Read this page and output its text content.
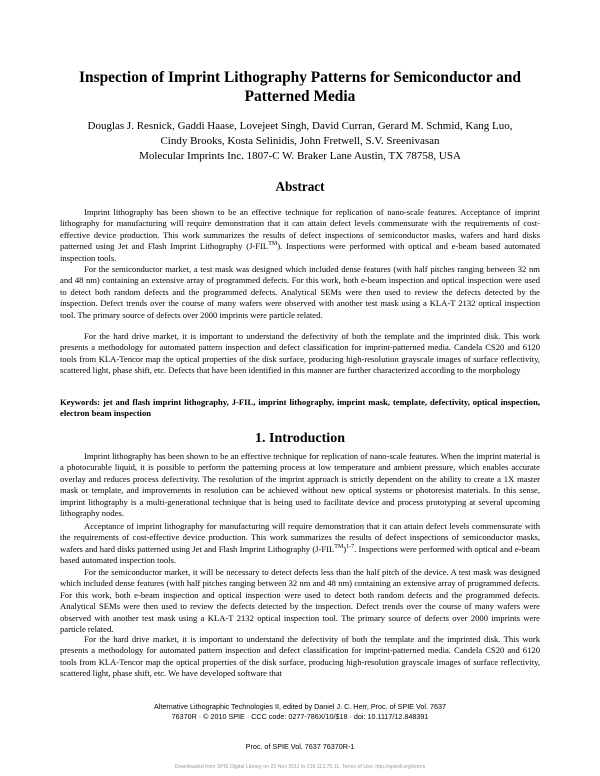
Inspection of Imprint Lithography Patterns for Semiconductor and
Patterned Media
Douglas J. Resnick, Gaddi Haase, Lovejeet Singh, David Curran, Gerard M. Schmid, Kang Luo,
Cindy Brooks, Kosta Selinidis, John Fretwell, S.V. Sreenivasan
Molecular Imprints Inc. 1807-C W. Braker Lane Austin, TX 78758, USA
Abstract

Imprint lithography has been shown to be an effective technique for replication of nano-scale features. Acceptance of imprint lithography for manufacturing will require demonstration that it can attain defect levels commensurate with the requirements of cost-effective device production. This work summarizes the results of defect inspections of semiconductor masks, wafers and hard disks patterned using Jet and Flash Imprint Lithography (J-FIL™). Inspections were performed with optical and e-beam based automated inspection tools.

For the semiconductor market, a test mask was designed which included dense features (with half pitches ranging between 32 nm and 48 nm) containing an extensive array of programmed defects. For this work, both e-beam inspection and optical inspection were used to detect both random defects and the programmed defects. Analytical SEMs were then used to review the defects detected by the inspection. Defect trends over the course of many wafers were observed with another test mask using a KLA-T 2132 optical inspection tool. The primary source of defects over 2000 imprints were particle related.

For the hard drive market, it is important to understand the defectivity of both the template and the imprinted disk. This work presents a methodology for automated pattern inspection and defect classification for imprint-patterned media. Candela CS20 and 6120 tools from KLA-Tencor map the optical properties of the disk surface, producing high-resolution grayscale images of surface reflectivity, scattered light, phase shift, etc. Defects that have been identified in this manner are further characterized according to the morphology

Keywords: jet and flash imprint lithography, J-FIL, imprint lithography, imprint mask, template, defectivity, optical inspection, electron beam inspection
1. Introduction

Imprint lithography has been shown to be an effective technique for replication of nano-scale features. When the imprint material is a photocurable liquid, it is possible to perform the patterning process at low temperature and ambient pressure, which enables accurate overlay and reduces process defectivity. The resolution of the imprint approach is strictly dependent on the ability to create a 1X master mask or template, and improvements in resolution can be achieved without new optical systems or photoresist materials. In this sense, imprint lithography is a multi-generational technique that is being used to facilitate device and process prototyping at several upcoming lithography nodes.

Acceptance of imprint lithography for manufacturing will require demonstration that it can attain defect levels commensurate with the requirements of cost-effective device production. This work summarizes the results of defect inspections of semiconductor masks, wafers and hard disks patterned using Jet and Flash Imprint Lithography $(J-FIL™)^{1-7}$. Inspections were performed with optical and e-beam based automated inspection tools.

For the semiconductor market, it will be necessary to detect defects less than the half pitch of the device. A test mask was designed which included dense features (with half pitches ranging between 32 nm and 48 nm) containing an extensive array of programmed defects. For this work, both e-beam inspection and optical inspection were used to detect both random defects and the programmed defects. Analytical SEMs were then used to review the defects detected by the inspection. Defect trends over the course of many wafers were observed with another test mask using a KLA-T 2132 optical inspection tool. The primary source of defects over 2000 imprints were particle related.

For the hard drive market, it is important to understand the defectivity of both the template and the imprinted disk. This work presents a methodology for automated pattern inspection and defect classification for imprint-patterned media. Candela CS20 and 6120 tools from KLA-Tencor map the optical properties of the disk surface, producing high-resolution grayscale images of surface reflectivity, scattered light, phase shift, etc. We have developed software that

Alternative Lithographic Technologies II, edited by Daniel J. C. Herr, Proc. of SPIE Vol. 7637
76370R · © 2010 SPIE · CCC code: 0277-786X/10/$18 · doi: 10.1117/12.848391
Proc. of SPIE Vol. 7637 76370R-1
Downloaded from SPIE Digital Library on 23 Nov 2011 to 216.113.75.11. Terms of Use: http://spiedl.org/terms
